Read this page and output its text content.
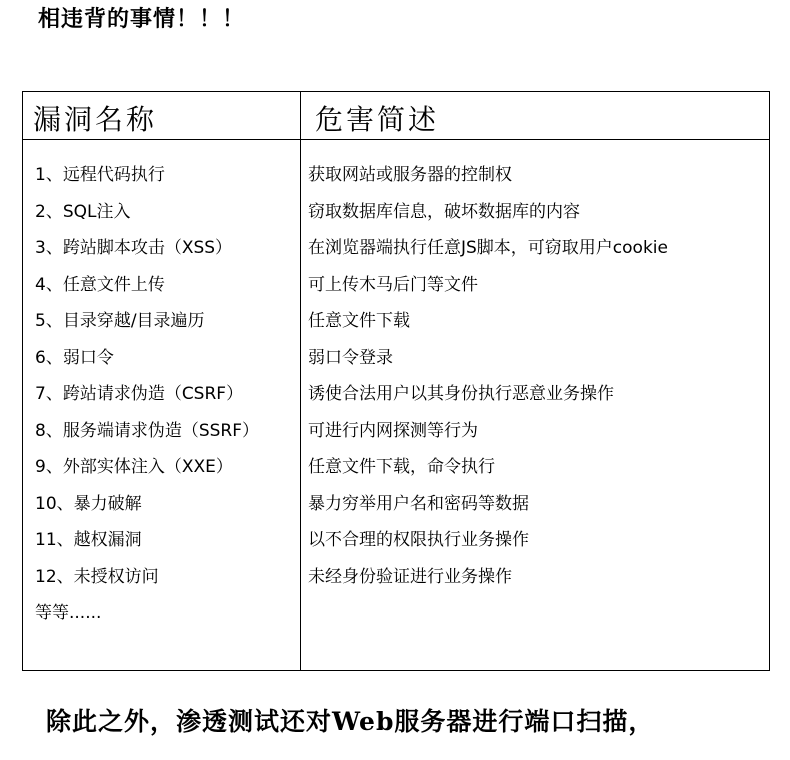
相违背的事情！！！
漏洞名称	危害简述
1、远程代码执行	获取网站或服务器的控制权
2、SQL注入	窃取数据库信息，破坏数据库的内容
3、跨站脚本攻击（XSS）	在浏览器端执行任意JS脚本，可窃取用户cookie
4、任意文件上传	可上传木马后门等文件
5、目录穿越/目录遍历	任意文件下载
6、弱口令	弱口令登录
7、跨站请求伪造（CSRF）	诱使合法用户以其身份执行恶意业务操作
8、服务端请求伪造（SSRF）	可进行内网探测等行为
9、外部实体注入（XXE）	任意文件下载，命令执行
10、暴力破解	暴力穷举用户名和密码等数据
11、越权漏洞	以不合理的权限执行业务操作
12、未授权访问	未经身份验证进行业务操作
等等......
除此之外，渗透测试还对Web服务器进行端口扫描，
